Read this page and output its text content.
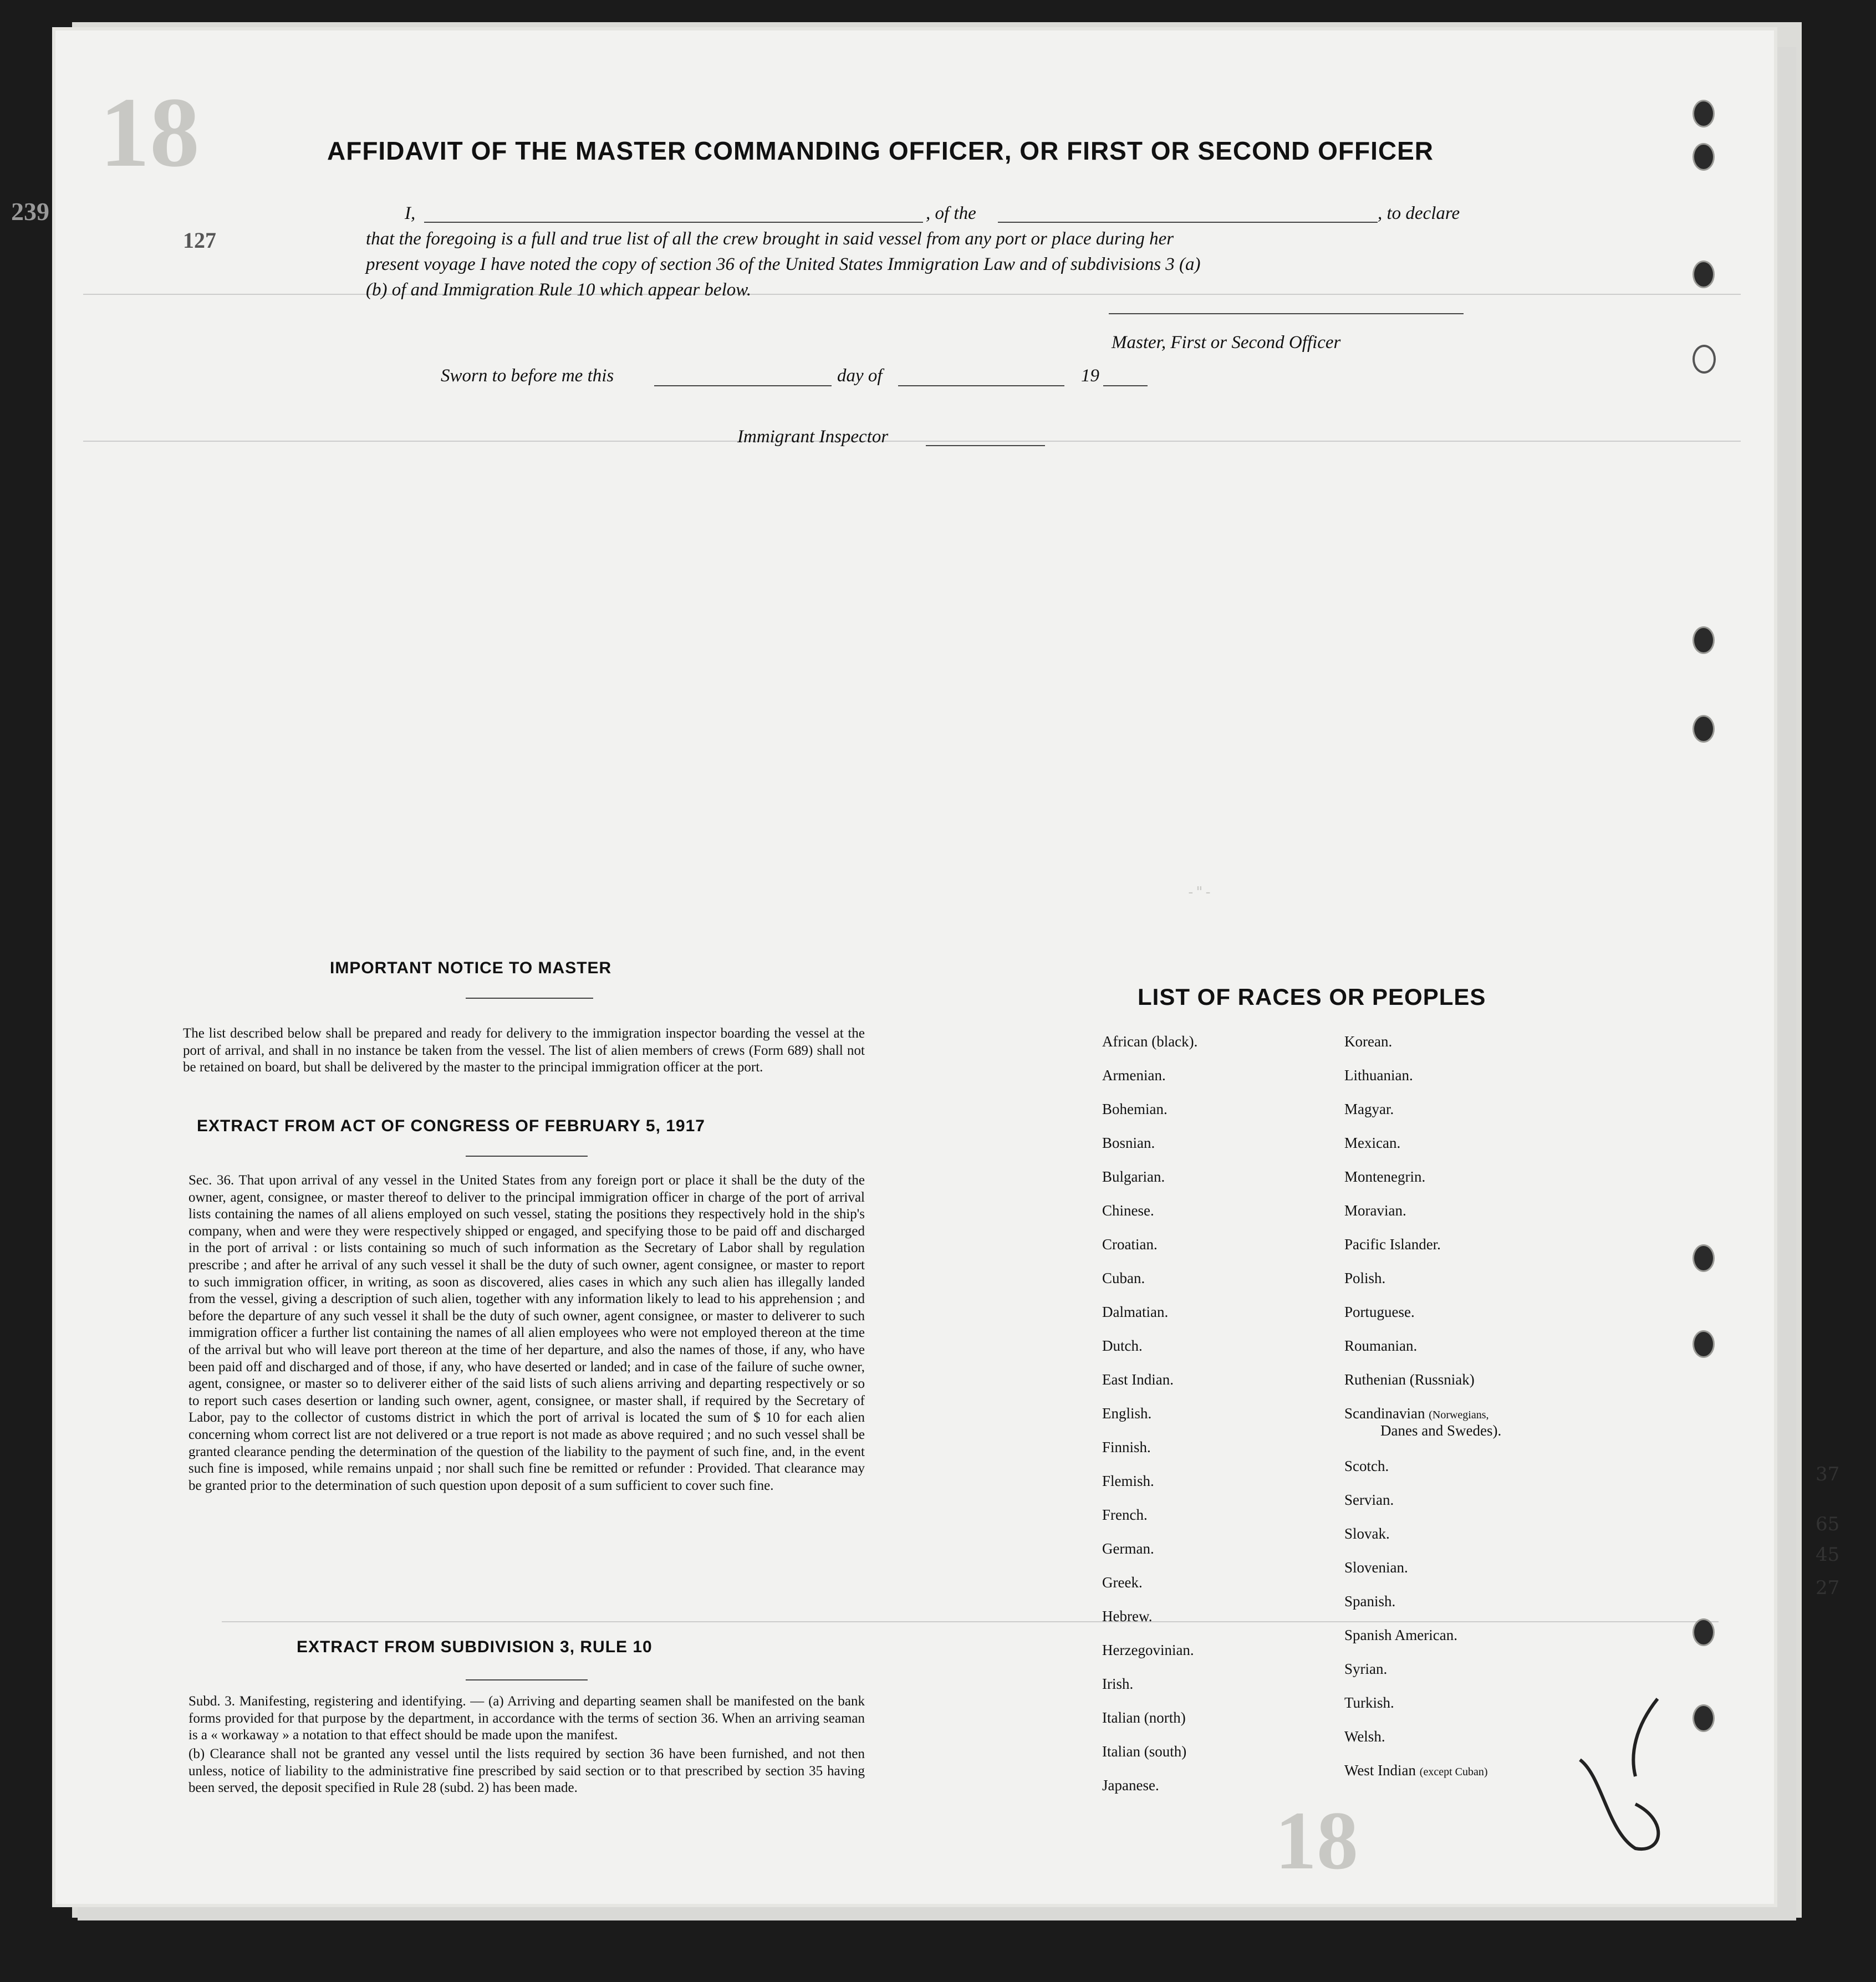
18
18
127
239
-"-
AFFIDAVIT OF THE MASTER COMMANDING OFFICER, OR FIRST OR SECOND OFFICER
I,	, of the	, to declare
that the foregoing is a full and true list of all the crew brought in said vessel from any port or place during her
present voyage I have noted the copy of section 36 of the United States Immigration Law and of subdivisions 3 (a)
(b) of and Immigration Rule 10 which appear below.
Master, First or Second Officer
Sworn to before me this	day of	19
Immigrant Inspector
IMPORTANT NOTICE TO MASTER
The list described below shall be prepared and ready for delivery to the immigration inspector boarding the vessel at the port of arrival, and shall in no instance be taken from the vessel. The list of alien members of crews (Form 689) shall not be retained on board, but shall be delivered by the master to the principal immigration officer at the port.
EXTRACT FROM ACT OF CONGRESS OF FEBRUARY 5, 1917
Sec. 36. That upon arrival of any vessel in the United States from any foreign port or place it shall be the duty of the owner, agent, consignee, or master thereof to deliver to the principal immigration officer in charge of the port of arrival lists containing the names of all aliens employed on such vessel, stating the positions they respectively hold in the ship's company, when and were they were respectively shipped or engaged, and specifying those to be paid off and discharged in the port of arrival : or lists containing so much of such information as the Secretary of Labor shall by regulation prescribe ; and after he arrival of any such vessel it shall be the duty of such owner, agent consignee, or master to report to such immigration officer, in writing, as soon as discovered, alies cases in which any such alien has illegally landed from the vessel, giving a description of such alien, together with any information likely to lead to his apprehension ; and before the departure of any such vessel it shall be the duty of such owner, agent consignee, or master to deliverer to such immigration officer a further list containing the names of all alien employees who were not employed thereon at the time of the arrival but who will leave port thereon at the time of her departure, and also the names of those, if any, who have been paid off and discharged and of those, if any, who have deserted or landed; and in case of the failure of suche owner, agent, consignee, or master so to deliverer either of the said lists of such aliens arriving and departing respectively or so to report such cases desertion or landing such owner, agent, consignee, or master shall, if required by the Secretary of Labor, pay to the collector of customs district in which the port of arrival is located the sum of $ 10 for each alien concerning whom correct list are not delivered or a true report is not made as above required ; and no such vessel shall be granted clearance pending the determination of the question of the liability to the payment of such fine, and, in the event such fine is imposed, while remains unpaid ; nor shall such fine be remitted or refunder : Provided. That clearance may be granted prior to the determination of such question upon deposit of a sum sufficient to cover such fine.
EXTRACT FROM SUBDIVISION 3, RULE 10
Subd. 3. Manifesting, registering and identifying. — (a) Arriving and departing seamen shall be manifested on the bank forms provided for that purpose by the department, in accordance with the terms of section 36. When an arriving seaman is a « workaway » a notation to that effect should be made upon the manifest.
(b) Clearance shall not be granted any vessel until the lists required by section 36 have been furnished, and not then unless, notice of liability to the administrative fine prescribed by said section or to that prescribed by section 35 having been served, the deposit specified in Rule 28 (subd. 2) has been made.
LIST OF RACES OR PEOPLES
African (black).
Armenian.
Bohemian.
Bosnian.
Bulgarian.
Chinese.
Croatian.
Cuban.
Dalmatian.
Dutch.
East Indian.
English.
Finnish.
Flemish.
French.
German.
Greek.
Hebrew.
Herzegovinian.
Irish.
Italian (north)
Italian (south)
Japanese.
Korean.
Lithuanian.
Magyar.
Mexican.
Montenegrin.
Moravian.
Pacific Islander.
Polish.
Portuguese.
Roumanian.
Ruthenian (Russniak)
Scandinavian (Norwegians,
Danes and Swedes).
Scotch.
Servian.
Slovak.
Slovenian.
Spanish.
Spanish American.
Syrian.
Turkish.
Welsh.
West Indian (except Cuban)
37
65
45
27
